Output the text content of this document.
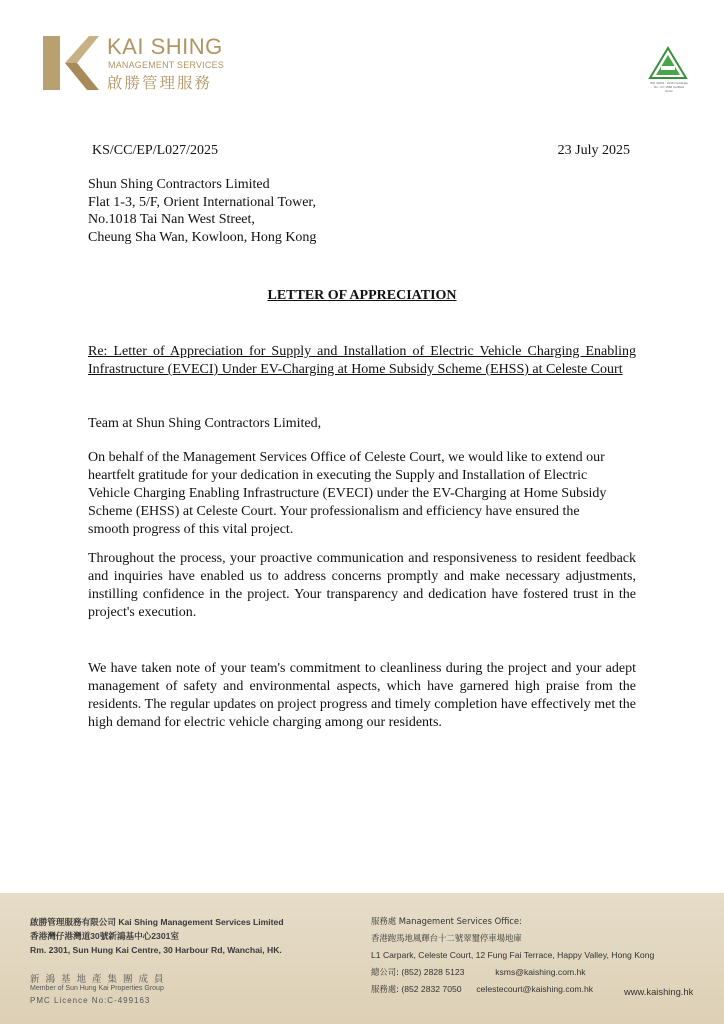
KAI SHING
MANAGEMENT SERVICES
啟勝管理服務	ISO 14001 : 2015 Certificate No.: CC 1868 Certified Since
KS/CC/EP/L027/2025	23 July 2025
Shun Shing Contractors Limited
Flat 1-3, 5/F, Orient International Tower,
No.1018 Tai Nan West Street,
Cheung Sha Wan, Kowloon, Hong Kong
LETTER OF APPRECIATION
Re: Letter of Appreciation for Supply and Installation of Electric Vehicle Charging Enabling Infrastructure (EVECI) Under EV-Charging at Home Subsidy Scheme (EHSS) at Celeste Court
Team at Shun Shing Contractors Limited,
On behalf of the Management Services Office of Celeste Court, we would like to extend our
heartfelt gratitude for your dedication in executing the Supply and Installation of Electric
Vehicle Charging Enabling Infrastructure (EVECI) under the EV-Charging at Home Subsidy
Scheme (EHSS) at Celeste Court. Your professionalism and efficiency have ensured the
smooth progress of this vital project.
Throughout the process, your proactive communication and responsiveness to resident feedback and inquiries have enabled us to address concerns promptly and make necessary adjustments, instilling confidence in the project. Your transparency and dedication have fostered trust in the project's execution.
We have taken note of your team's commitment to cleanliness during the project and your adept management of safety and environmental aspects, which have garnered high praise from the residents. The regular updates on project progress and timely completion have effectively met the high demand for electric vehicle charging among our residents.
啟勝管理服務有限公司 Kai Shing Management Services Limited
香港灣仔港灣道30號新鴻基中心2301室
Rm. 2301, Sun Hung Kai Centre, 30 Harbour Rd, Wanchai, HK.
新鴻基地產集團成員
Member of Sun Hung Kai Properties Group
PMC Licence No:C-499163
服務處 Management Services Office:
香港跑馬地風輝台十二號翠璽停車場地庫
L1 Carpark, Celeste Court, 12 Fung Fai Terrace, Happy Valley, Hong Kong
總公司: (852) 2828 5123	ksms@kaishing.com.hk
服務處: (852 2832 7050 celestecourt@kaishing.com.hk	www.kaishing.hk
